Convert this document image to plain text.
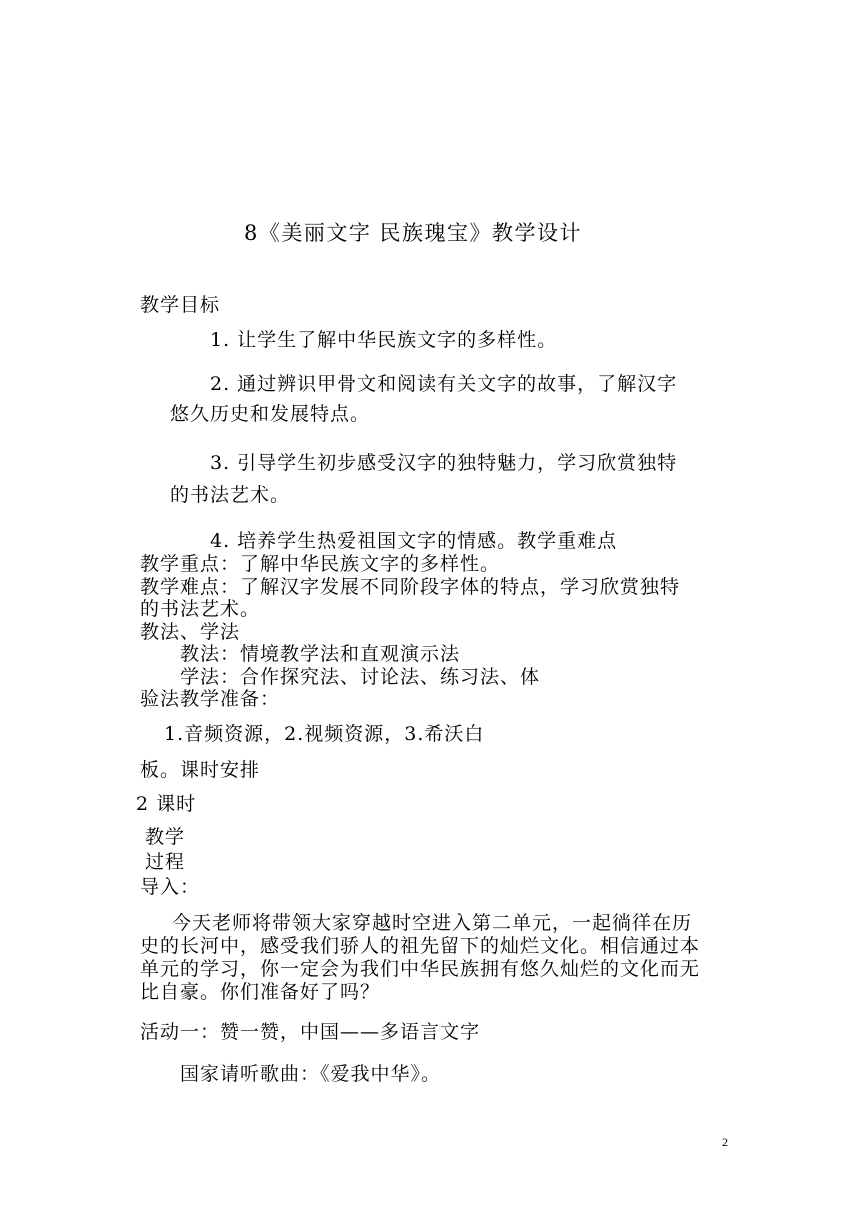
8《美丽文字 民族瑰宝》教学设计
教学目标
1. 让学生了解中华民族文字的多样性。
2. 通过辨识甲骨文和阅读有关文字的故事，了解汉字
悠久历史和发展特点。
3. 引导学生初步感受汉字的独特魅力，学习欣赏独特
的书法艺术。
4. 培养学生热爱祖国文字的情感。教学重难点
教学重点：了解中华民族文字的多样性。
教学难点：了解汉字发展不同阶段字体的特点，学习欣赏独特
的书法艺术。
教法、学法
教法：情境教学法和直观演示法
学法：合作探究法、讨论法、练习法、体
验法教学准备：
1.音频资源，2.视频资源，3.希沃白
板。课时安排
2 课时
教学
过程
导入：
今天老师将带领大家穿越时空进入第二单元，一起徜徉在历
史的长河中，感受我们骄人的祖先留下的灿烂文化。相信通过本
单元的学习，你一定会为我们中华民族拥有悠久灿烂的文化而无
比自豪。你们准备好了吗？
活动一：赞一赞，中国——多语言文字
国家请听歌曲：《爱我中华》。
2
